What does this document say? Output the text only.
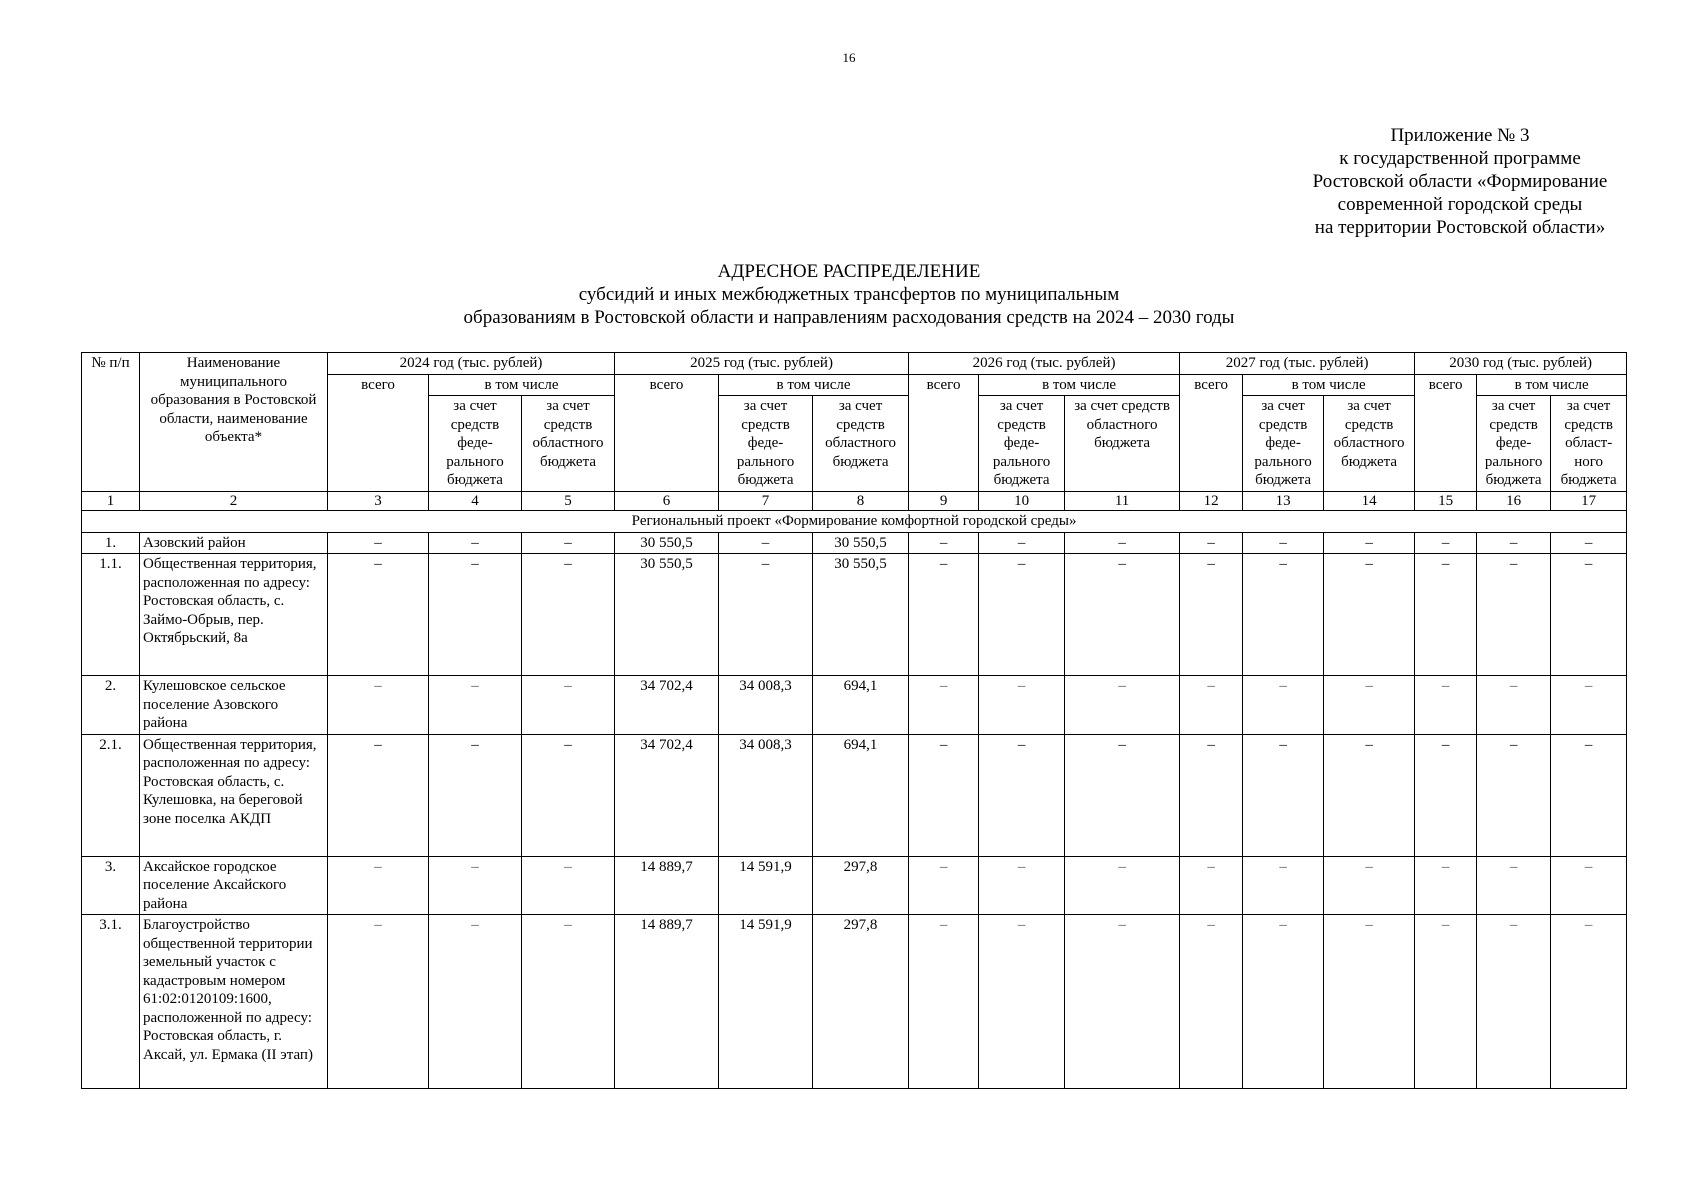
16
Приложение № 3
к государственной программе
Ростовской области «Формирование
современной городской среды
на территории Ростовской области»
АДРЕСНОЕ РАСПРЕДЕЛЕНИЕ
субсидий и иных межбюджетных трансфертов по муниципальным
образованиям в Ростовской области и направлениям расходования средств на 2024 – 2030 годы
№ п/п	Наименование муниципального образования в Ростовской области, наименование объекта*	2024 год (тыс. рублей)			2025 год (тыс. рублей)			2026 год (тыс. рублей)			2027 год (тыс. рублей)			2030 год (тыс. рублей)		
		всего	в том числе		всего	в том числе		всего	в том числе		всего	в том числе		всего	в том числе	
			за счет средств феде-рального бюджета	за счет средств областного бюджета		за счет средств феде-рального бюджета	за счет средств областного бюджета		за счет средств феде-рального бюджета	за счет средств областного бюджета		за счет средств феде-рального бюджета	за счет средств областного бюджета		за счет средств феде-рального бюджета	за счет средств област-ного бюджета
1	2	3	4	5	6	7	8	9	10	11	12	13	14	15	16	17
Региональный проект «Формирование комфортной городской среды»																
1.	Азовский район	–	–	–	30 550,5	–	30 550,5	–	–	–	–	–	–	–	–	–
1.1.	Общественная территория, расположенная по адресу: Ростовская область, с. Займо-Обрыв, пер. Октябрьский, 8а	–	–	–	30 550,5	–	30 550,5	–	–	–	–	–	–	–	–	–
2.	Кулешовское сельское поселение Азовского района	–	–	–	34 702,4	34 008,3	694,1	–	–	–	–	–	–	–	–	–
2.1.	Общественная территория, расположенная по адресу: Ростовская область, с. Кулешовка, на береговой зоне поселка АКДП	–	–	–	34 702,4	34 008,3	694,1	–	–	–	–	–	–	–	–	–
3.	Аксайское городское поселение Аксайского района	–	–	–	14 889,7	14 591,9	297,8	–	–	–	–	–	–	–	–	–
3.1.	Благоустройство общественной территории земельный участок с кадастровым номером 61:02:0120109:1600, расположенной по адресу: Ростовская область, г. Аксай, ул. Ермака (II этап)	–	–	–	14 889,7	14 591,9	297,8	–	–	–	–	–	–	–	–	–
